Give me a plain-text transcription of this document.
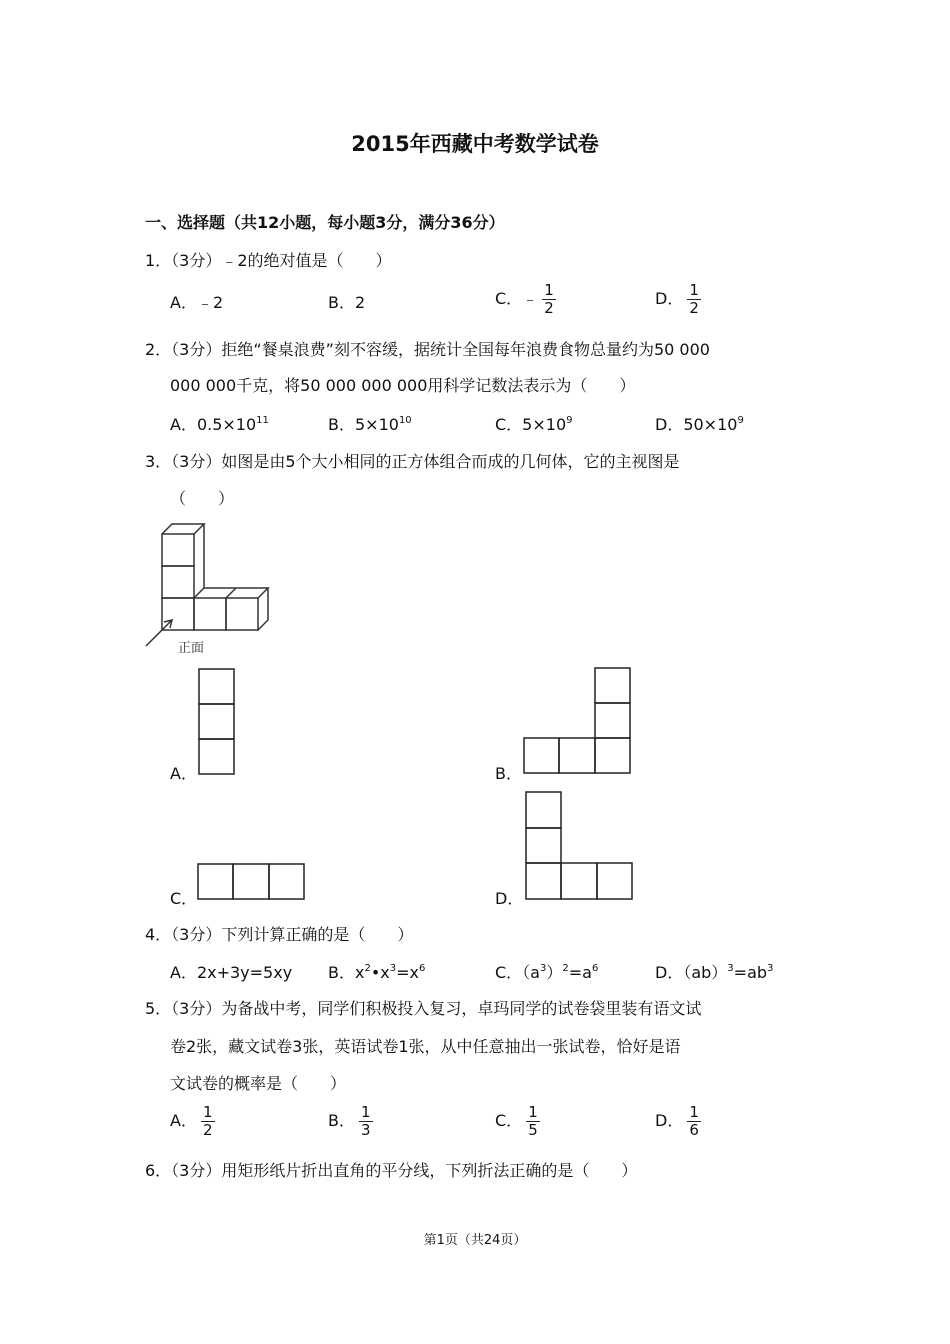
2015年西藏中考数学试卷
一、选择题（共12小题，每小题3分，满分36分）
1．（3分）﹣2的绝对值是（　　）
A．﹣2	B．2	C．﹣ $\frac{1}{2}$	D． $\frac{1}{2}$
2．（3分）拒绝“餐桌浪费”刻不容缓，据统计全国每年浪费食物总量约为50 000
000 000千克，将50 000 000 000用科学记数法表示为（　　）
A．$0.5\times 10^{11}$	B．$5\times 10^{10}$	C．$5\times 10^9$	D．$50\times 10^9$
3．（3分）如图是由5个大小相同的正方体组合而成的几何体，它的主视图是
（　　）
正面
A．	B．
C．	D．
4．（3分）下列计算正确的是（　　）
A．2x+3y=5xy B．$x^2•x^3=x^6$	C．$(a^3)^2=a^6$	D．$(ab)^3=ab^3$
5．（3分）为备战中考，同学们积极投入复习，卓玛同学的试卷袋里装有语文试
卷2张，藏文试卷3张，英语试卷1张，从中任意抽出一张试卷，恰好是语
文试卷的概率是（　　）
A． $\frac{1}{2}$	B． $\frac{1}{3}$	C． $\frac{1}{5}$	D． $\frac{1}{6}$
6．（3分）用矩形纸片折出直角的平分线，下列折法正确的是（　　）
第1页（共24页）
